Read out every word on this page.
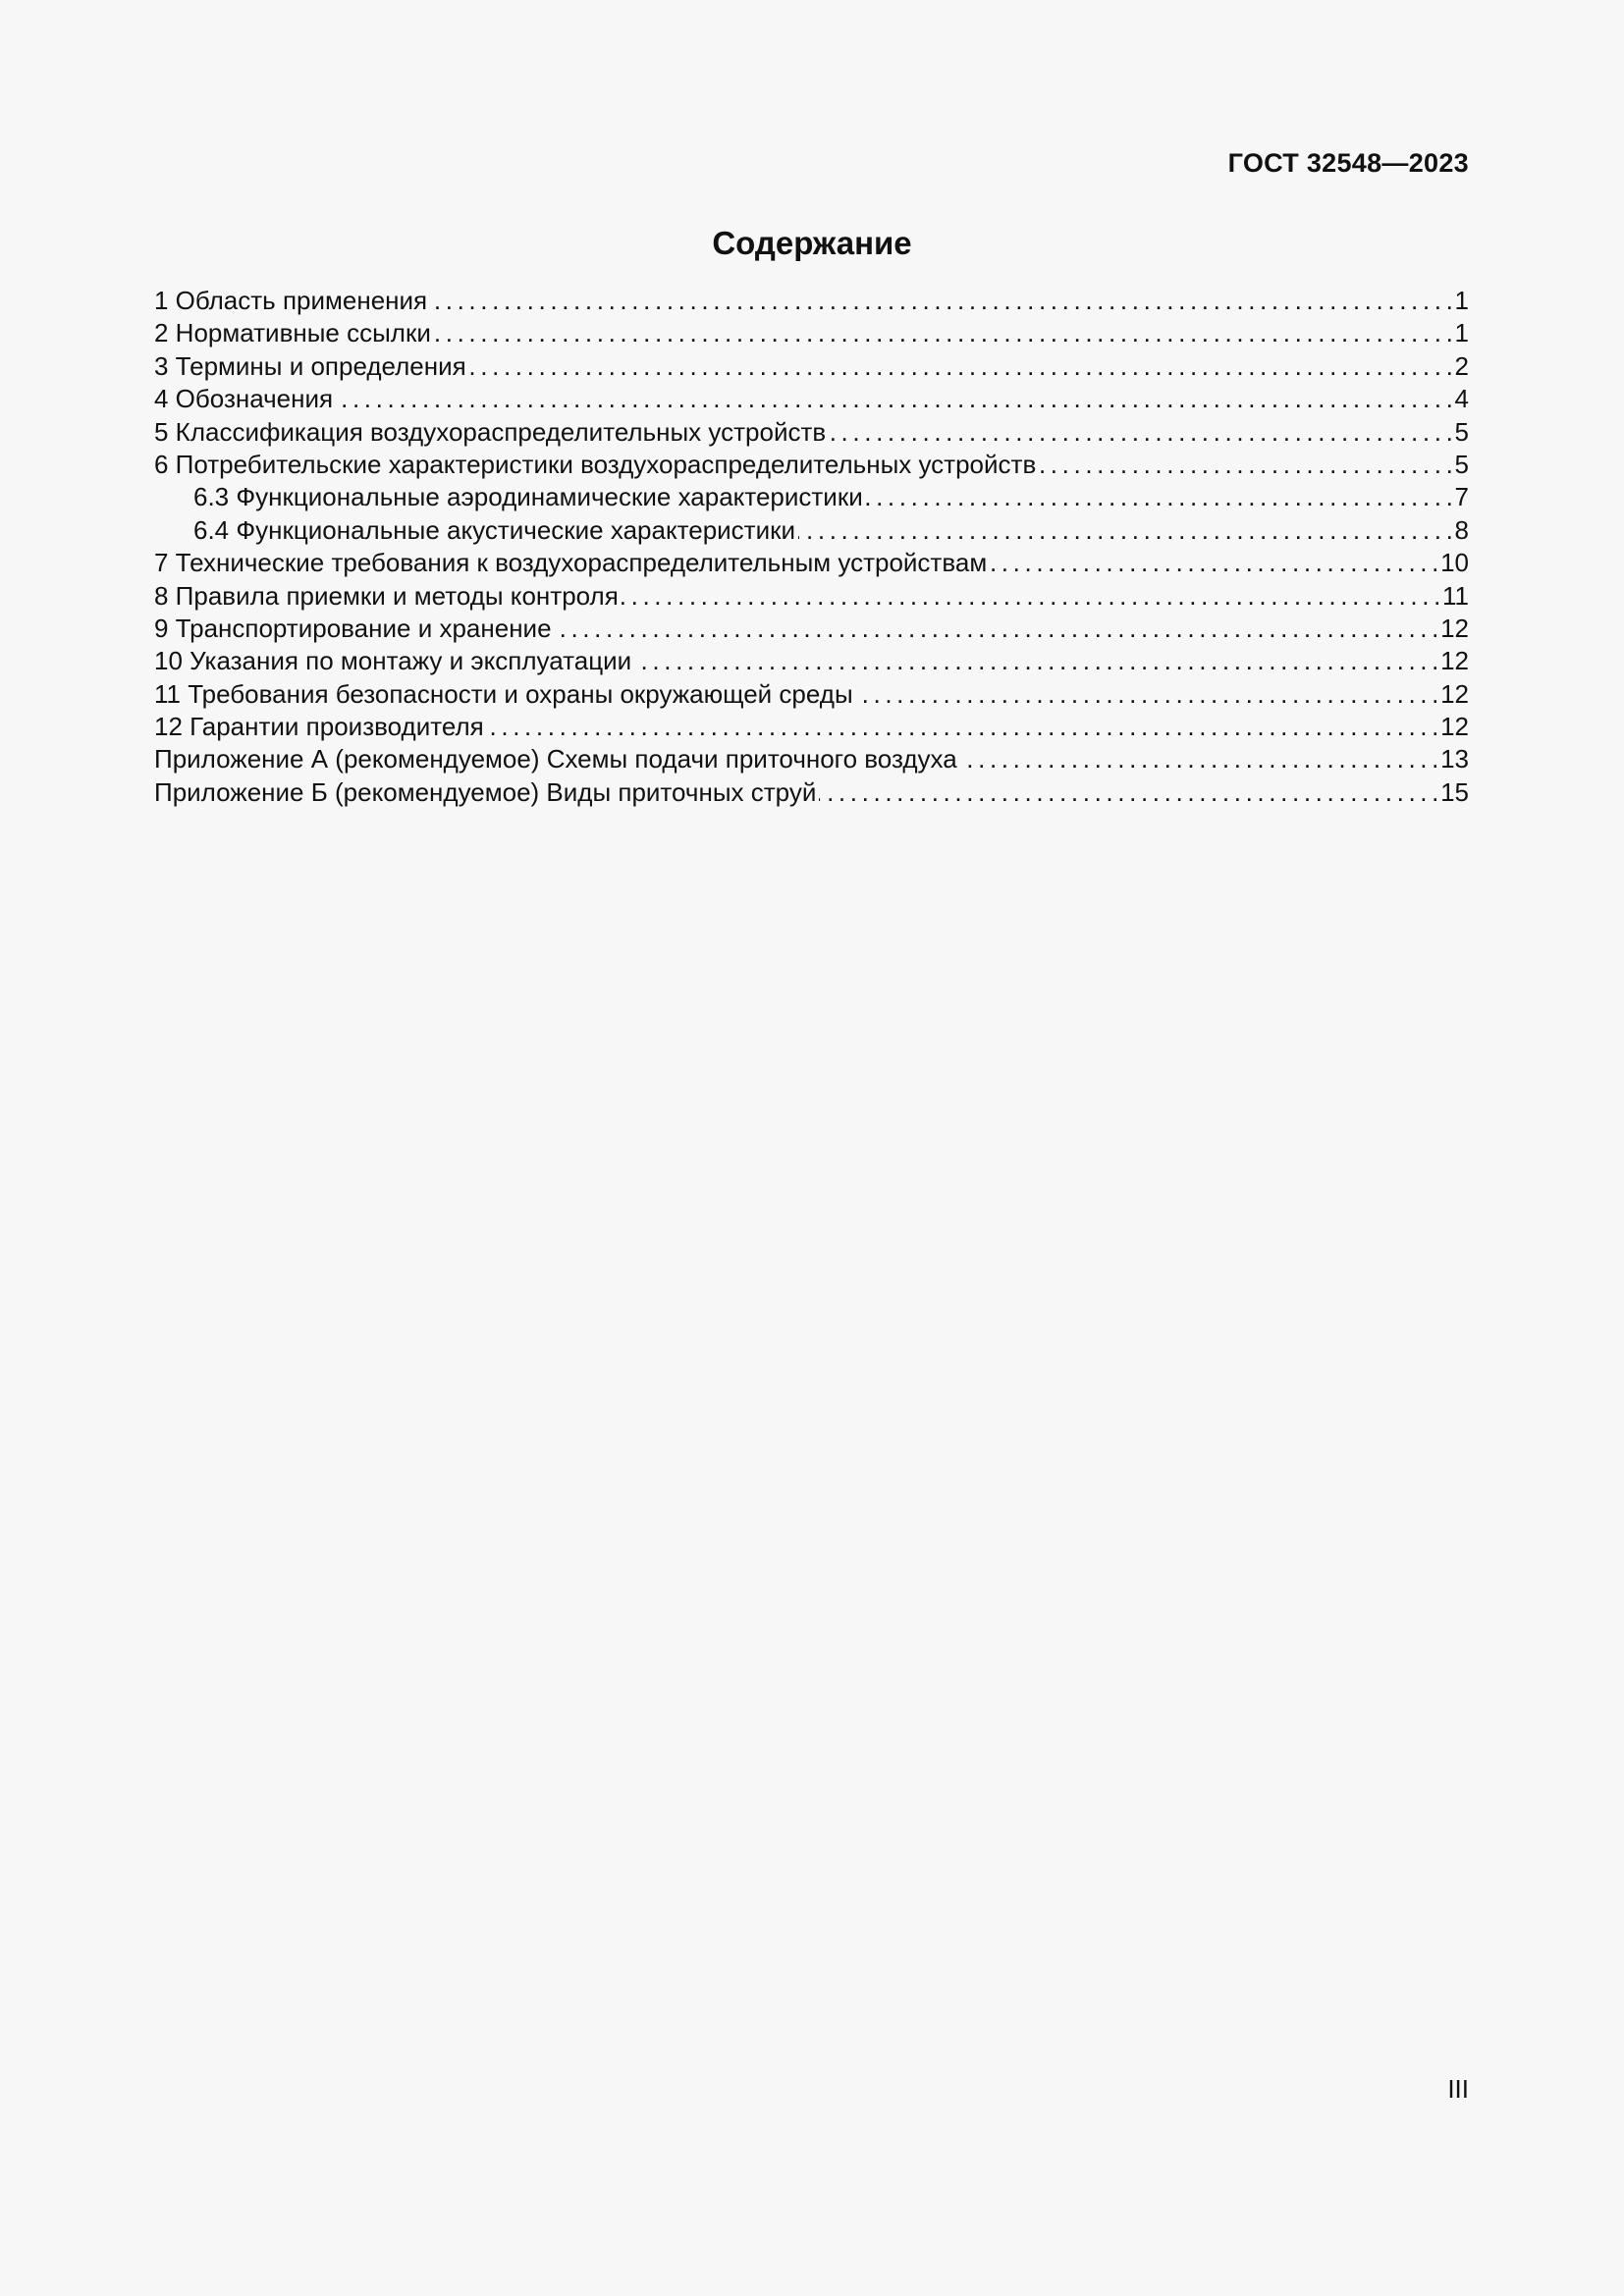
ГОСТ 32548—2023

Содержание
1 Область применения . . .	1
2 Нормативные ссылки . . .	1
3 Термины и определения . . .	2
4 Обозначения . . .	4
5 Классификация воздухораспределительных устройств . . .	5
6 Потребительские характеристики воздухораспределительных устройств . . .	5
6.3 Функциональные аэродинамические характеристики . . .	7
6.4 Функциональные акустические характеристики . . .	8
7 Технические требования к воздухораспределительным устройствам . . .	10
8 Правила приемки и методы контроля . . .	11
9 Транспортирование и хранение . . .	12
10 Указания по монтажу и эксплуатации . . .	12
11 Требования безопасности и охраны окружающей среды . . .	12
12 Гарантии производителя . . .	12
Приложение А (рекомендуемое) Схемы подачи приточного воздуха . . .	13
Приложение Б (рекомендуемое) Виды приточных струй . . .	15

III
